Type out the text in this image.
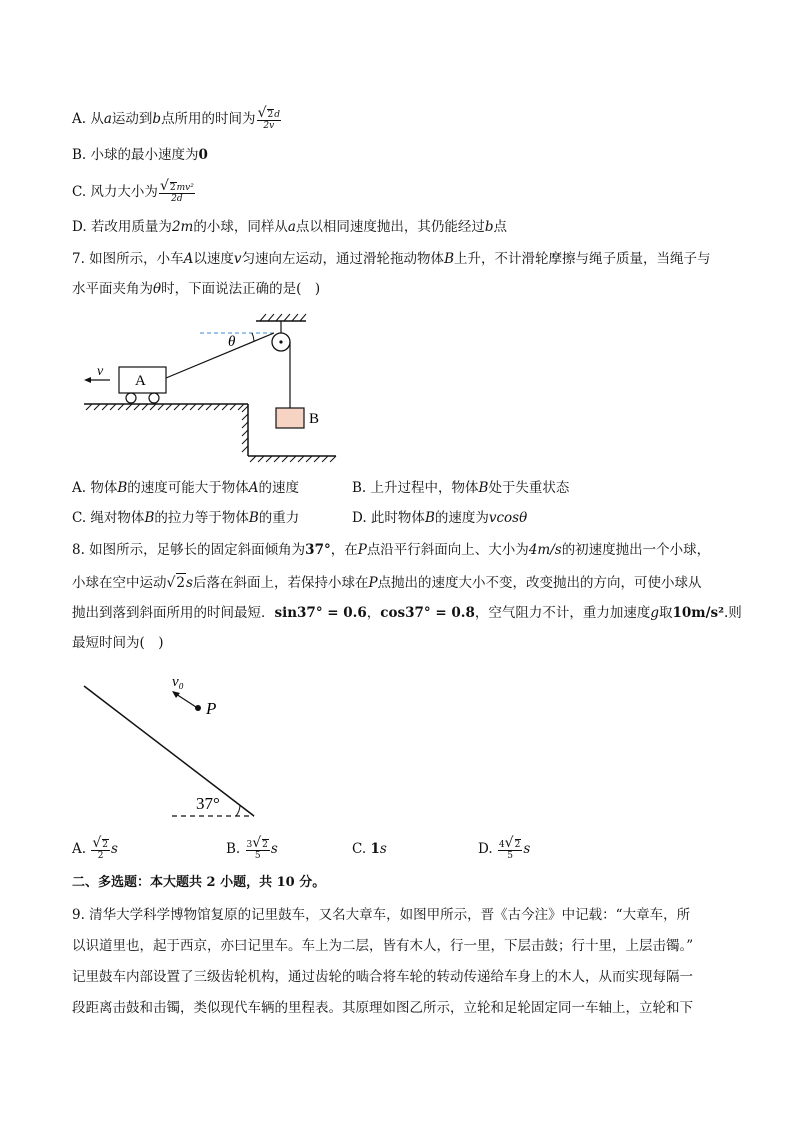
A. 从a运动到b点所用的时间为 $\frac{√2d}{2v}$
B. 小球的最小速度为0
C. 风力大小为 $\frac{\text{√2mv²}}{2d}$
D. 若改用质量为2m的小球，同样从a点以相同速度抛出，其仍能经过b点
7. 如图所示，小车A以速度v匀速向左运动，通过滑轮拖动物体B上升，不计滑轮摩擦与绳子质量，当绳子与
水平面夹角为θ时，下面说法正确的是(　)
θ
A
v
B
A. 物体B的速度可能大于物体A的速度	B. 上升过程中，物体B处于失重状态
C. 绳对物体B的拉力等于物体B的重力	D. 此时物体B的速度为vcosθ
8. 如图所示，足够长的固定斜面倾角为37°，在P点沿平行斜面向上、大小为4m/s的初速度抛出一个小球，
小球在空中运动√2s后落在斜面上，若保持小球在P点抛出的速度大小不变，改变抛出的方向，可使小球从
抛出到落到斜面所用的时间最短．sin37° = 0.6，cos37° = 0.8，空气阻力不计，重力加速度g取10m/s².则
最短时间为(　)
37°
P
v₀
A. $\frac{√2}{2}$ s	B. $\frac{3√2}{5}$ s	C. 1s	D. $\frac{4√2}{5}$ s
二、多选题：本大题共 2 小题，共 10 分。
9. 清华大学科学博物馆复原的记里鼓车，又名大章车，如图甲所示，晋《古今注》中记载：“大章车，所
以识道里也，起于西京，亦曰记里车。车上为二层，皆有木人，行一里，下层击鼓；行十里，上层击镯。”
记里鼓车内部设置了三级齿轮机构，通过齿轮的啮合将车轮的转动传递给车身上的木人，从而实现每隔一
段距离击鼓和击镯，类似现代车辆的里程表。其原理如图乙所示，立轮和足轮固定同一车轴上，立轮和下
